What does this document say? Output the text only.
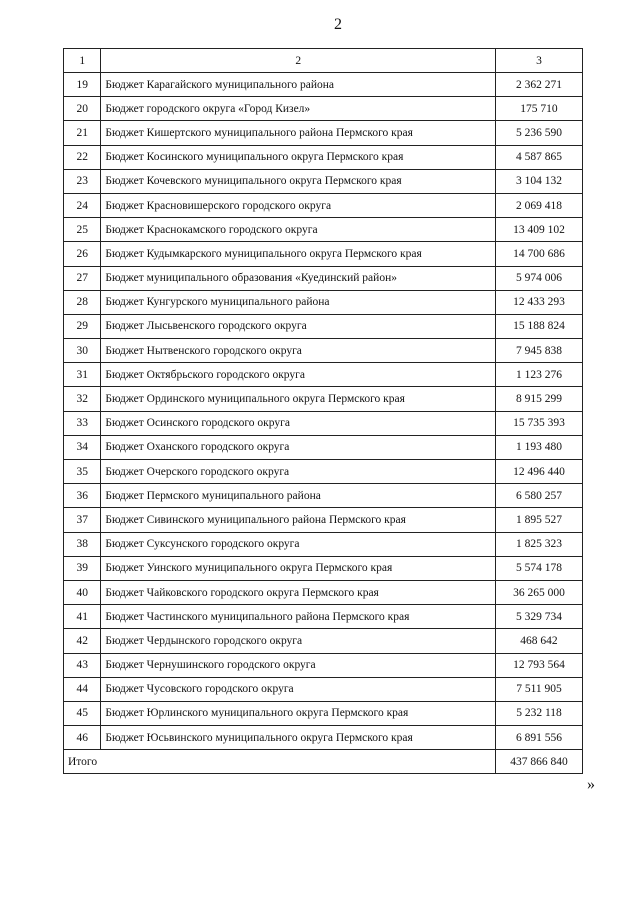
2
1	2	3
19	Бюджет Карагайского муниципального района	2 362 271
20	Бюджет городского округа «Город Кизел»	175 710
21	Бюджет Кишертского муниципального района Пермского края	5 236 590
22	Бюджет Косинского муниципального округа Пермского края	4 587 865
23	Бюджет Кочевского муниципального округа Пермского края	3 104 132
24	Бюджет Красновишерского городского округа	2 069 418
25	Бюджет Краснокамского городского округа	13 409 102
26	Бюджет Кудымкарского муниципального округа Пермского края	14 700 686
27	Бюджет муниципального образования «Куединский район»	5 974 006
28	Бюджет Кунгурского муниципального района	12 433 293
29	Бюджет Лысьвенского городского округа	15 188 824
30	Бюджет Нытвенского городского округа	7 945 838
31	Бюджет Октябрьского городского округа	1 123 276
32	Бюджет Ординского муниципального округа Пермского края	8 915 299
33	Бюджет Осинского городского округа	15 735 393
34	Бюджет Оханского городского округа	1 193 480
35	Бюджет Очерского городского округа	12 496 440
36	Бюджет Пермского муниципального района	6 580 257
37	Бюджет Сивинского муниципального района Пермского края	1 895 527
38	Бюджет Суксунского городского округа	1 825 323
39	Бюджет Уинского муниципального округа Пермского края	5 574 178
40	Бюджет Чайковского городского округа Пермского края	36 265 000
41	Бюджет Частинского муниципального района Пермского края	5 329 734
42	Бюджет Чердынского городского округа	468 642
43	Бюджет Чернушинского городского округа	12 793 564
44	Бюджет Чусовского городского округа	7 511 905
45	Бюджет Юрлинского муниципального округа Пермского края	5 232 118
46	Бюджет Юсьвинского муниципального округа Пермского края	6 891 556
Итого		437 866 840
»
